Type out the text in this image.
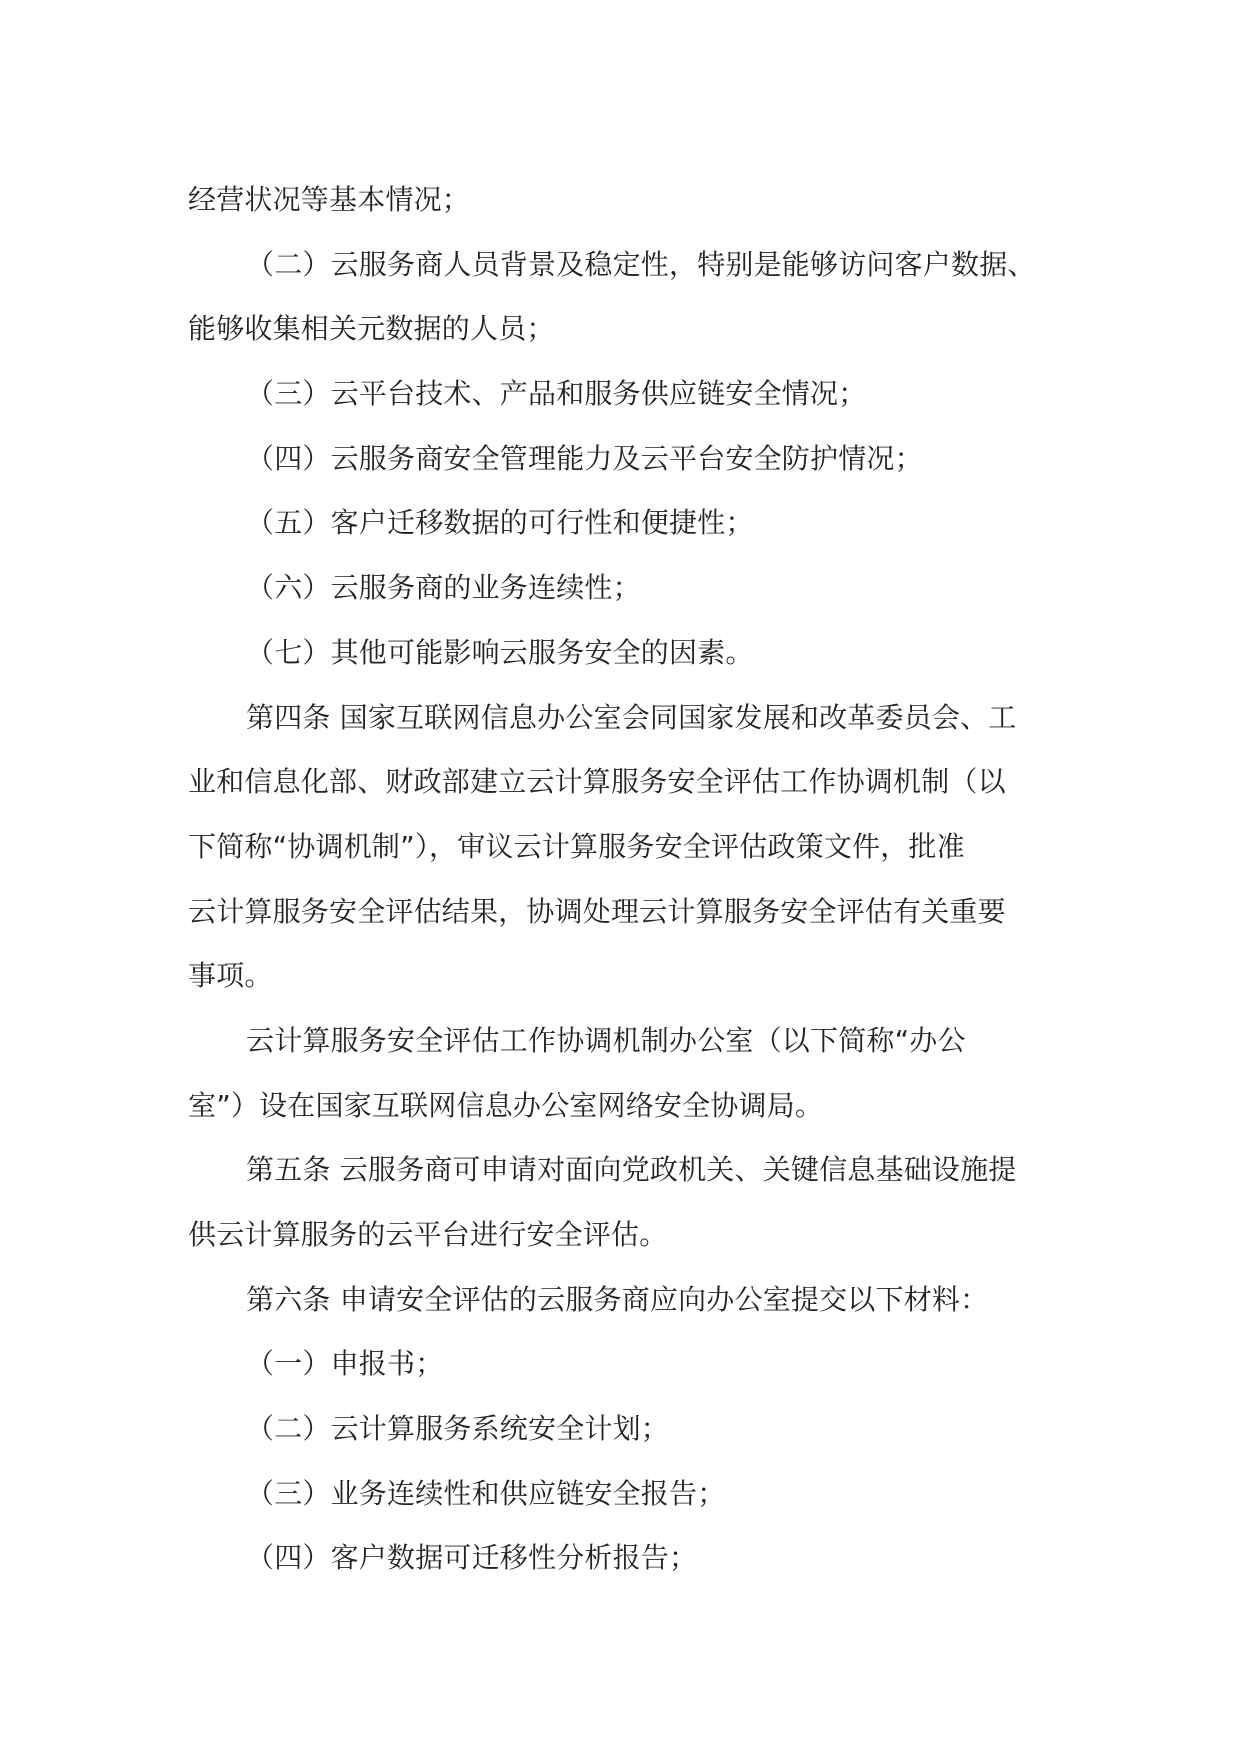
经营状况等基本情况；
（二）云服务商人员背景及稳定性，特别是能够访问客户数据、
能够收集相关元数据的人员；
（三）云平台技术、产品和服务供应链安全情况；
（四）云服务商安全管理能力及云平台安全防护情况；
（五）客户迁移数据的可行性和便捷性；
（六）云服务商的业务连续性；
（七）其他可能影响云服务安全的因素。
第四条 国家互联网信息办公室会同国家发展和改革委员会、工
业和信息化部、财政部建立云计算服务安全评估工作协调机制（以
下简称“协调机制”），审议云计算服务安全评估政策文件，批准
云计算服务安全评估结果，协调处理云计算服务安全评估有关重要
事项。
云计算服务安全评估工作协调机制办公室（以下简称“办公
室”）设在国家互联网信息办公室网络安全协调局。
第五条 云服务商可申请对面向党政机关、关键信息基础设施提
供云计算服务的云平台进行安全评估。
第六条 申请安全评估的云服务商应向办公室提交以下材料：
（一）申报书；
（二）云计算服务系统安全计划；
（三）业务连续性和供应链安全报告；
（四）客户数据可迁移性分析报告；
